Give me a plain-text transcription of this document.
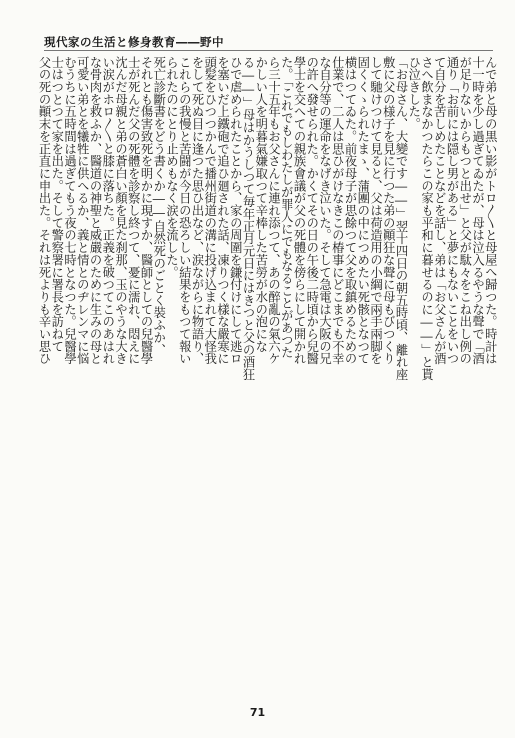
現代家の生活と修身教育――野中
んで弟と母の黒い影がトロ〳〵と母屋へ歸つた。時計は
十一時を少し過ぎてゐたが、母は泣入るやうな聲で「酒
が足りないからもつと出せ」と父が駄々をこね出し例の
通り「お前には隠し男がある」と夢にもないことをいつ
て自分を苦しめたことなどを話し、弟は「お父さんが酒
さへ飲まなかつたらこの家も平和に暮せるのに――」と貰
ひ泣きした。
「お母さん、大變です――」翌十四日の朝五時頃、離れ座
敷に父の様子を見に行つた弟の顚狂な聲に母もびつくり
して馳けつけて見ると、父は荷造用の小綱で兩手兩脚を
固くくゝられたまゝ、蒲團の中につめたい死骸となつて
横はつてゐた。前夜母子が思餘つて父を取鎮めるための
仕業で、二人は思ひがけなきこの椿事にどこまでも不幸
な自分等の運命をなげき泣いた。そして急電は大阪の兄
の許へ發せられた。かくてその日の午後二時頃から兒醫
學士を交へての親族會議が父の死體を傍らにして開かれ
た。「これでもしわたしが罪人にでもなることがあつた
ら三十五年もお父さんに連れ添つて、あの醉亂の氣六ケ
かしい人を明暮氣嫌取つて辛棒した苦勞が水の泡にな
る――」母はかうしつて毎年正月元日にはきつと父の酒狂
ひで虐められたことから、家の周圍を鎌付けにして逃ロ
を塞いだ上鐵砲で追ひ廻された話、凍りつく樣な嚴寒に
頭髪をひつつかんで播州街道の溝に投げ込まれて大怪我
をして死ぬ目に逢つた思ひ出など、涙ながらに物語り、
これらの我慢と苦闘が今日の恐ろしい結果をもつて報い
られたのにとり止めもなく涙を流した。
死亡診斷書をどう書くか――自然死のごとく裝ふか、
それとも傷害致死を明かに現すか、醫師としての兒醫學
士が死んだ父の死體を診察し終つて、憂に濡れ、悶えに
沈んだ母親と弟の蒼白い顏を見た刹那、玉のやうな大き
い涙がホロ〳〵と膝に落ちた。正義を破つてこのあはれ
な骨肉を救ふか、醫道の神聖と威嚴のために生みの母と
可愛い弟とを犧牲に供へるか、義と情とのヂレンマに悩
むうちに五時間は過ぎてもう夜の七時となつた。兒醫學
士はつとつて家を出た。そして警察署に署長を訪ねて
父の死の顚末を正直に申出た。それは死よりも辛い思ひ
71
